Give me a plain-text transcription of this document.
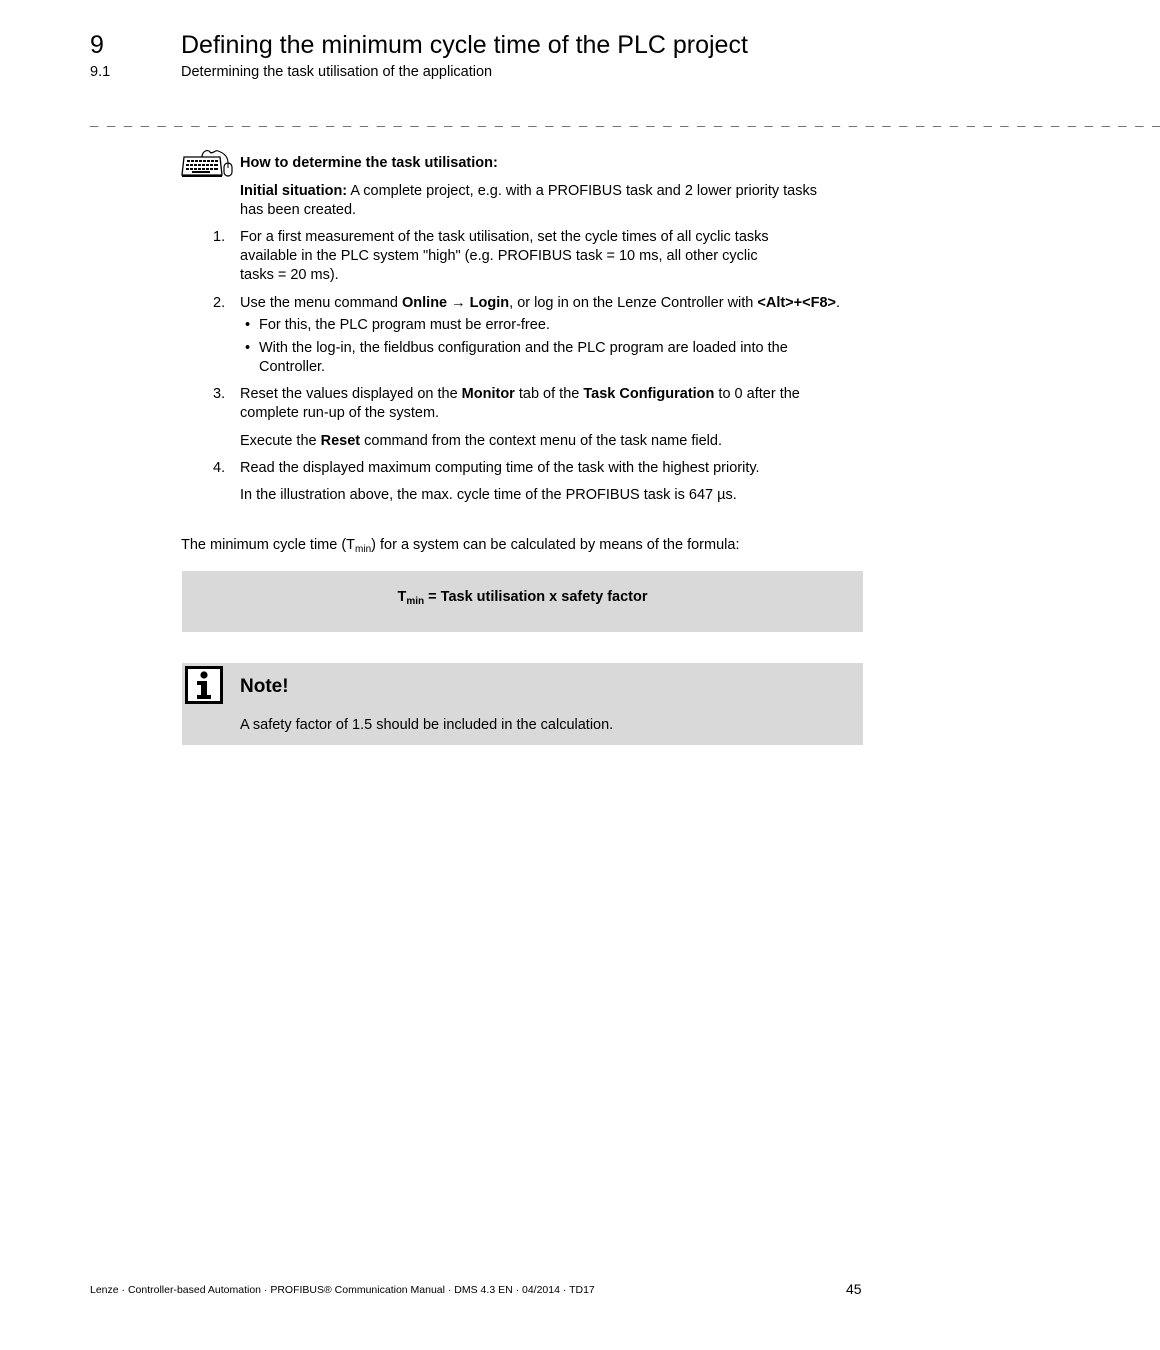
9	Defining the minimum cycle time of the PLC project
9.1	Determining the task utilisation of the application
_ _ _ _ _ _ _ _ _ _ _ _ _ _ _ _ _ _ _ _ _ _ _ _ _ _ _ _ _ _ _ _ _ _ _ _ _ _ _ _ _ _ _ _ _ _ _ _ _ _ _ _ _ _ _ _ _ _ _ _ _ _ _ _
How to determine the task utilisation:
Initial situation: A complete project, e.g. with a PROFIBUS task and 2 lower priority tasks
has been created.
1. For a first measurement of the task utilisation, set the cycle times of all cyclic tasks
available in the PLC system "high" (e.g. PROFIBUS task = 10 ms, all other cyclic
tasks = 20 ms).
2. Use the menu command Online → Login, or log in on the Lenze Controller with <Alt>+<F8>.
• For this, the PLC program must be error-free.
• With the log-in, the fieldbus configuration and the PLC program are loaded into the
Controller.
3. Reset the values displayed on the Monitor tab of the Task Configuration to 0 after the
complete run-up of the system.
Execute the Reset command from the context menu of the task name field.
4. Read the displayed maximum computing time of the task with the highest priority.
In the illustration above, the max. cycle time of the PROFIBUS task is 647 µs.
The minimum cycle time $(T_{min})$ for a system can be calculated by means of the formula:
$T_{min}$ = Task utilisation x safety factor
Note!
A safety factor of 1.5 should be included in the calculation.
Lenze · Controller-based Automation · PROFIBUS® Communication Manual · DMS 4.3 EN · 04/2014 · TD17	45
